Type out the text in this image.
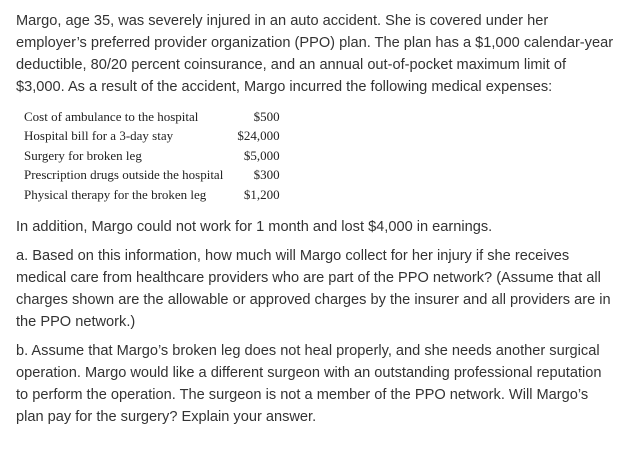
Margo, age 35, was severely injured in an auto accident. She is covered under her employer’s preferred provider organization (PPO) plan. The plan has a $1,000 calendar-year deductible, 80/20 percent coinsurance, and an annual out-of-pocket maximum limit of $3,000. As a result of the accident, Margo incurred the following medical expenses:

Cost of ambulance to the hospital	$500
Hospital bill for a 3-day stay	$24,000
Surgery for broken leg	$5,000
Prescription drugs outside the hospital	$300
Physical therapy for the broken leg	$1,200

In addition, Margo could not work for 1 month and lost $4,000 in earnings.

a. Based on this information, how much will Margo collect for her injury if she receives medical care from healthcare providers who are part of the PPO network? (Assume that all charges shown are the allowable or approved charges by the insurer and all providers are in the PPO network.)

b. Assume that Margo’s broken leg does not heal properly, and she needs another surgical operation. Margo would like a different surgeon with an outstanding professional reputation to perform the operation. The surgeon is not a member of the PPO network. Will Margo’s plan pay for the surgery? Explain your answer.
